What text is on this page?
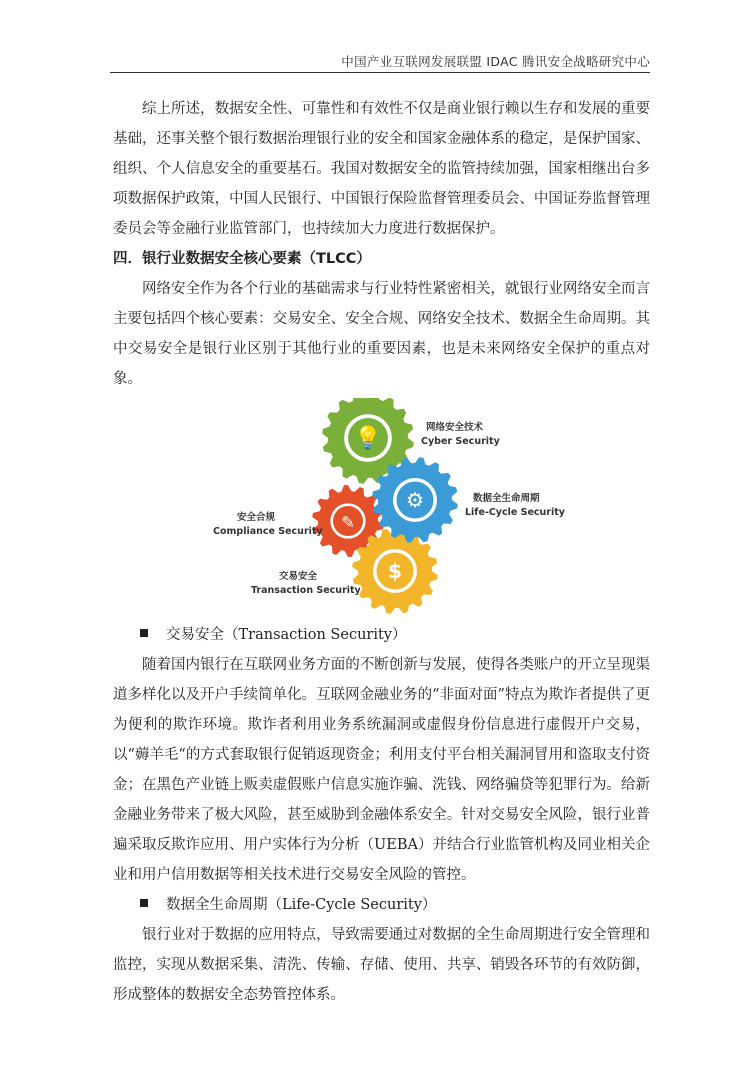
中国产业互联网发展联盟 IDAC 腾讯安全战略研究中心

综上所述，数据安全性、可靠性和有效性不仅是商业银行赖以生存和发展的重要基础，还事关整个银行数据治理银行业的安全和国家金融体系的稳定，是保护国家、组织、个人信息安全的重要基石。我国对数据安全的监管持续加强，国家相继出台多项数据保护政策，中国人民银行、中国银行保险监督管理委员会、中国证券监督管理委员会等金融行业监管部门，也持续加大力度进行数据保护。

四．银行业数据安全核心要素（TLCC）

网络安全作为各个行业的基础需求与行业特性紧密相关，就银行业网络安全而言主要包括四个核心要素：交易安全、安全合规、网络安全技术、数据全生命周期。其中交易安全是银行业区别于其他行业的重要因素，也是未来网络安全保护的重点对象。

💡
✎
$
⚙
网络安全技术
Cyber Security
数据全生命周期
Life-Cycle Security
安全合规
Compliance Security
交易安全
Transaction Security
交易安全（Transaction Security）

随着国内银行在互联网业务方面的不断创新与发展，使得各类账户的开立呈现渠道多样化以及开户手续简单化。互联网金融业务的“非面对面”特点为欺诈者提供了更为便利的欺诈环境。欺诈者利用业务系统漏洞或虚假身份信息进行虚假开户交易，以“薅羊毛“的方式套取银行促销返现资金；利用支付平台相关漏洞冒用和盗取支付资金；在黑色产业链上贩卖虚假账户信息实施诈骗、洗钱、网络骗贷等犯罪行为。给新金融业务带来了极大风险，甚至威胁到金融体系安全。针对交易安全风险，银行业普遍采取反欺诈应用、用户实体行为分析（UEBA）并结合行业监管机构及同业相关企业和用户信用数据等相关技术进行交易安全风险的管控。

数据全生命周期（Life-Cycle Security）

银行业对于数据的应用特点，导致需要通过对数据的全生命周期进行安全管理和监控，实现从数据采集、清洗、传输、存储、使用、共享、销毁各环节的有效防御，形成整体的数据安全态势管控体系。
